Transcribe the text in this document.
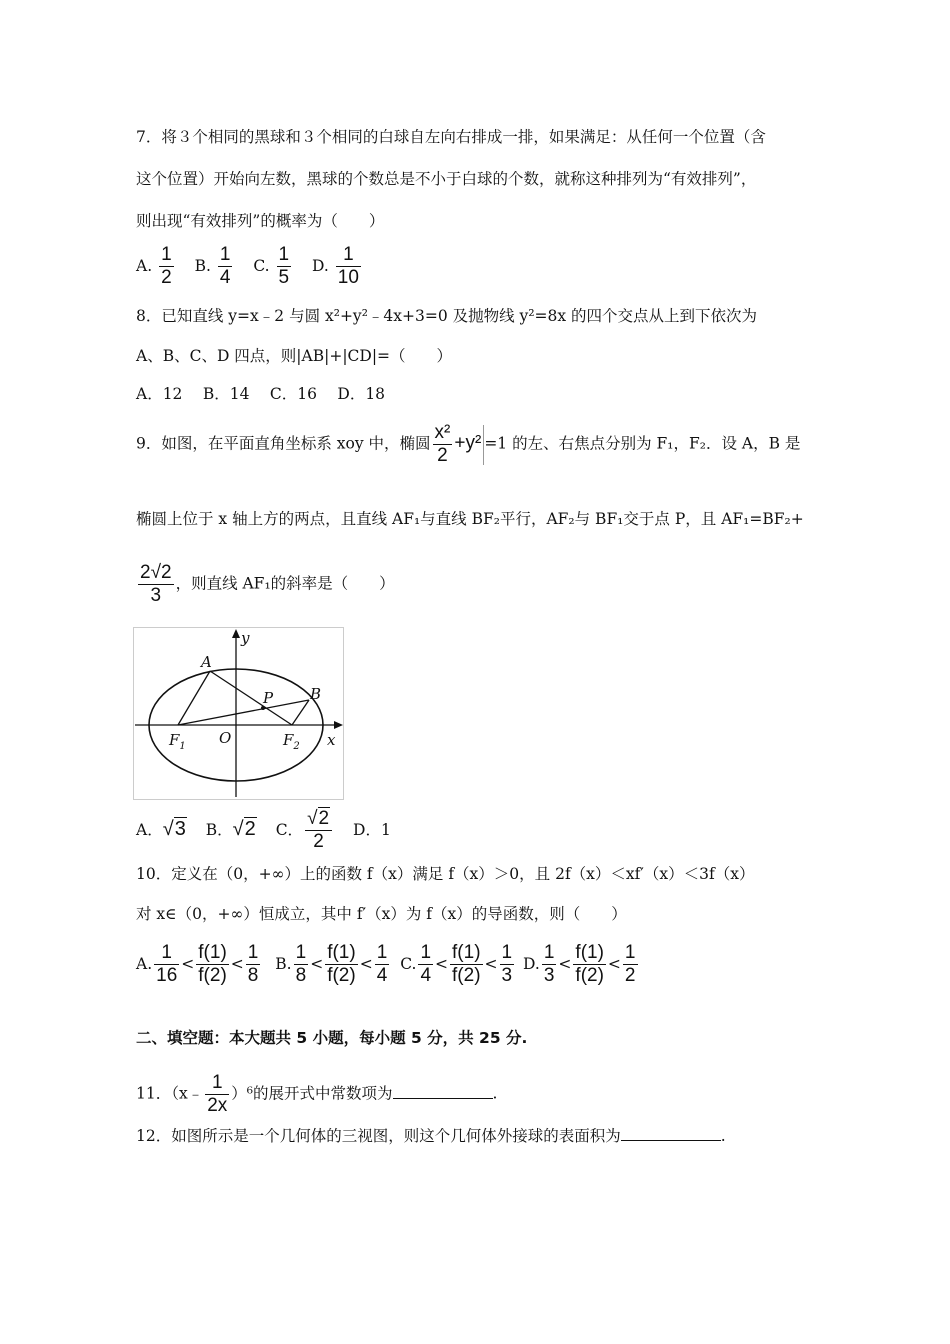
7．将３个相同的黑球和３个相同的白球自左向右排成一排，如果满足：从任何一个位置（含
这个位置）开始向左数，黑球的个数总是不小于白球的个数，就称这种排列为“有效排列”，
则出现“有效排列”的概率为（　　）
A. $\frac{1}{2} B$. $\frac{1}{4} C$. $\frac{1}{5} D$. $\frac{1}{10}$
8．已知直线 y=x﹣2 与圆 x²+y²﹣4x+3=0 及抛物线 y²=8x 的四个交点从上到下依次为
A、B、C、D 四点，则|AB|+|CD|=（　　）
A．12　 B．14　 C．16　 D．18
9．如图，在平面直角坐标系 xoy 中，椭圆 $\frac{\text{x²}}{2} +y^2 =1$ 的左、右焦点分别为 F₁，F₂．设 A，B 是
椭圆上位于 x 轴上方的两点，且直线 AF₁与直线 BF₂平行，AF₂与 BF₁交于点 P，且 AF₁=BF₂+
$\frac{2√2}{3}$ ，则直线 AF₁的斜率是（　　）
y
x
A
B
P
O
$F_1$	$F_2$
A．√3 B．√2 C． $\frac{√2}{2}$ D．1
10．定义在（0，+∞）上的函数 f（x）满足 f（x）＞0，且 2f（x）＜xf′（x）＜3f（x）
对 x∈（0，+∞）恒成立，其中 f′（x）为 f（x）的导函数，则（　　）
A. $\frac{1}{16} < \frac{f(1)}{f(2)} < \frac{1}{8} B$. $\frac{1}{8} < \frac{f(1)}{f(2)} < \frac{1}{4} C$. $\frac{1}{4} < \frac{f(1)}{f(2)} < \frac{1}{3} D$. $\frac{1}{3} < \frac{f(1)}{f(2)} < \frac{1}{2}$
二、填空题：本大题共 5 小题，每小题 5 分，共 25 分.
11．（x﹣ $\frac{1}{2x} )^6$的展开式中常数项为	.
12．如图所示是一个几何体的三视图，则这个几何体外接球的表面积为	.
